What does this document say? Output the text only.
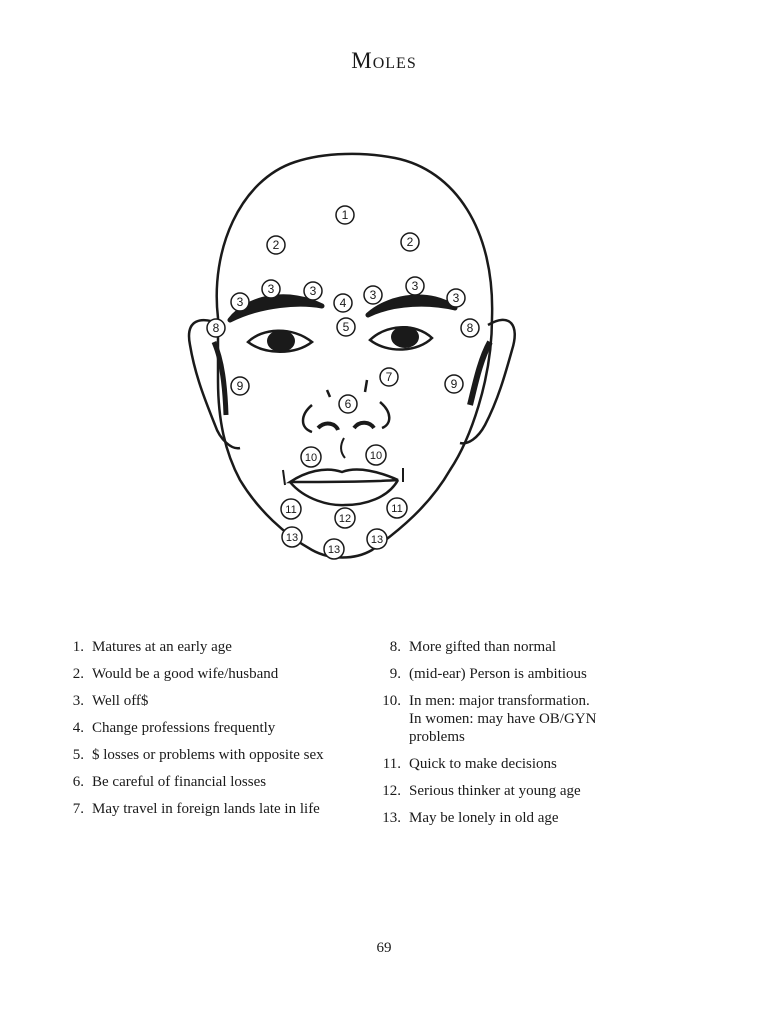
Moles
1
2	2
3
3	3	3
3
3
4
5
6
7
8	8
9	9
10	10
11	11
12
13
13
13
1. Matures at an early age
2. Would be a good wife/husband
3. Well off$
4. Change professions frequently
5. $ losses or problems with opposite sex
6. Be careful of financial losses
7. May travel in foreign lands late in life
8. More gifted than normal
9. (mid-ear) Person is ambitious
10. In men: major transformation.
In women: may have OB/GYN
problems
11. Quick to make decisions
12. Serious thinker at young age
13. May be lonely in old age
69
